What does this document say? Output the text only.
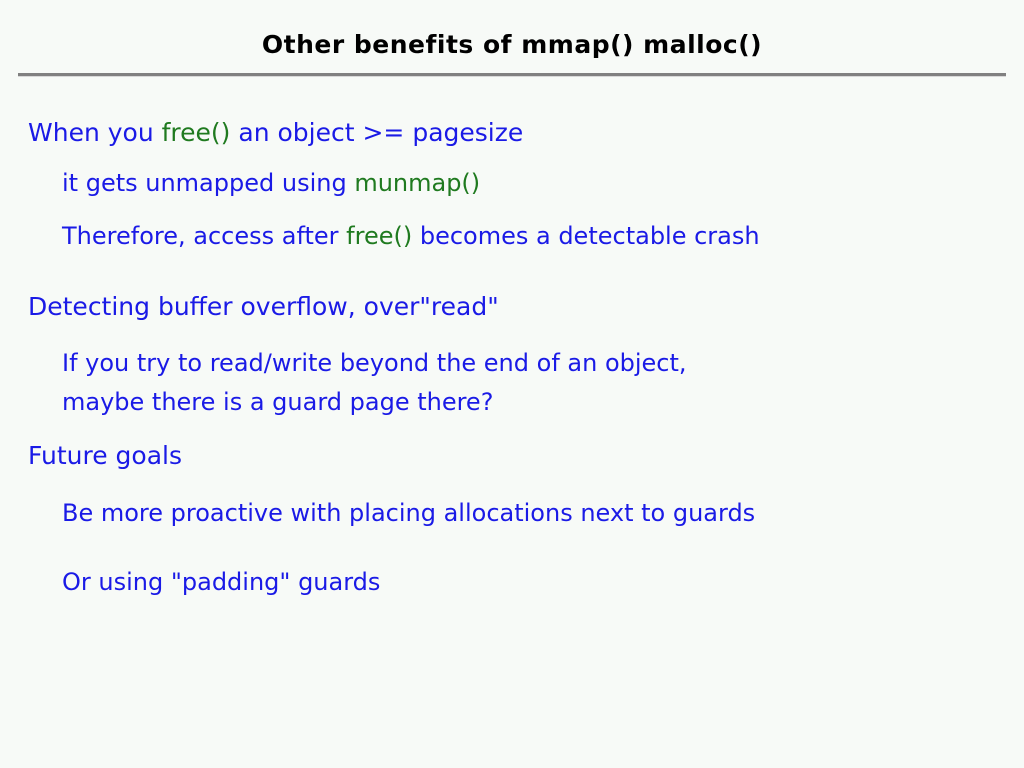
Other benefits of mmap() malloc()

When you free() an object >= pagesize

it gets unmapped using munmap()

Therefore, access after free() becomes a detectable crash

Detecting buffer overflow, over"read"

If you try to read/write beyond the end of an object,

maybe there is a guard page there?

Future goals

Be more proactive with placing allocations next to guards

Or using "padding" guards
